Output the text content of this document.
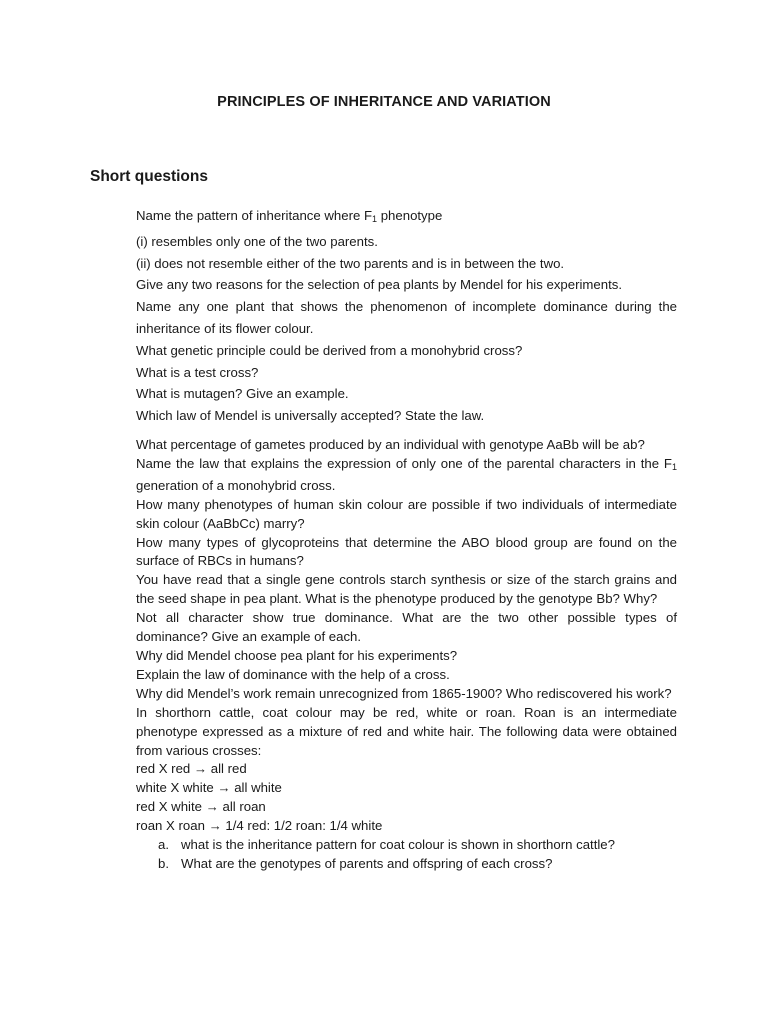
PRINCIPLES OF INHERITANCE AND VARIATION
Short questions

Name the pattern of inheritance where $F_1$ phenotype

(i) resembles only one of the two parents.

(ii) does not resemble either of the two parents and is in between the two.

Give any two reasons for the selection of pea plants by Mendel for his experiments.

Name any one plant that shows the phenomenon of incomplete dominance during the inheritance of its flower colour.

What genetic principle could be derived from a monohybrid cross?

What is a test cross?

What is mutagen? Give an example.

Which law of Mendel is universally accepted? State the law.

What percentage of gametes produced by an individual with genotype AaBb will be ab?

Name the law that explains the expression of only one of the parental characters in the $F_1$ generation of a monohybrid cross.

How many phenotypes of human skin colour are possible if two individuals of intermediate skin colour (AaBbCc) marry?

How many types of glycoproteins that determine the ABO blood group are found on the surface of RBCs in humans?

You have read that a single gene controls starch synthesis or size of the starch grains and the seed shape in pea plant. What is the phenotype produced by the genotype Bb? Why?

Not all character show true dominance. What are the two other possible types of dominance? Give an example of each.

Why did Mendel choose pea plant for his experiments?

Explain the law of dominance with the help of a cross.

Why did Mendel’s work remain unrecognized from 1865-1900? Who rediscovered his work?

In shorthorn cattle, coat colour may be red, white or roan. Roan is an intermediate phenotype expressed as a mixture of red and white hair. The following data were obtained from various crosses:

red X red → all red

white X white → all white

red X white → all roan

roan X roan → 1/4 red: 1/2 roan: 1/4 white

a. what is the inheritance pattern for coat colour is shown in shorthorn cattle?
b. What are the genotypes of parents and offspring of each cross?
